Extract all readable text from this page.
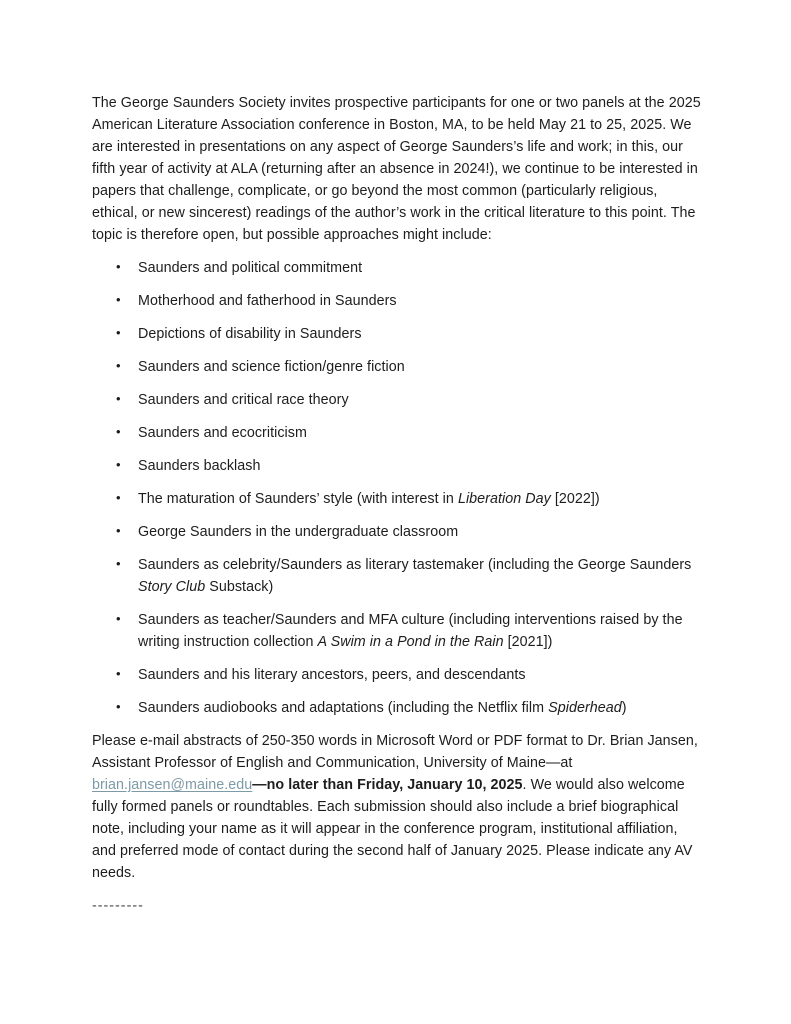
The George Saunders Society invites prospective participants for one or two panels at the 2025 American Literature Association conference in Boston, MA, to be held May 21 to 25, 2025. We are interested in presentations on any aspect of George Saunders’s life and work; in this, our fifth year of activity at ALA (returning after an absence in 2024!), we continue to be interested in papers that challenge, complicate, or go beyond the most common (particularly religious, ethical, or new sincerest) readings of the author’s work in the critical literature to this point. The topic is therefore open, but possible approaches might include:

• Saunders and political commitment
• Motherhood and fatherhood in Saunders
• Depictions of disability in Saunders
• Saunders and science fiction/genre fiction
• Saunders and critical race theory
• Saunders and ecocriticism
• Saunders backlash
• The maturation of Saunders’ style (with interest in Liberation Day [2022])
• George Saunders in the undergraduate classroom
• Saunders as celebrity/Saunders as literary tastemaker (including the George Saunders Story Club Substack)
• Saunders as teacher/Saunders and MFA culture (including interventions raised by the writing instruction collection A Swim in a Pond in the Rain [2021])
• Saunders and his literary ancestors, peers, and descendants
• Saunders audiobooks and adaptations (including the Netflix film Spiderhead)

Please e-mail abstracts of 250-350 words in Microsoft Word or PDF format to Dr. Brian Jansen, Assistant Professor of English and Communication, University of Maine—at brian.jansen@maine.edu—no later than Friday, January 10, 2025. We would also welcome fully formed panels or roundtables. Each submission should also include a brief biographical note, including your name as it will appear in the conference program, institutional affiliation, and preferred mode of contact during the second half of January 2025. Please indicate any AV needs.

---------
